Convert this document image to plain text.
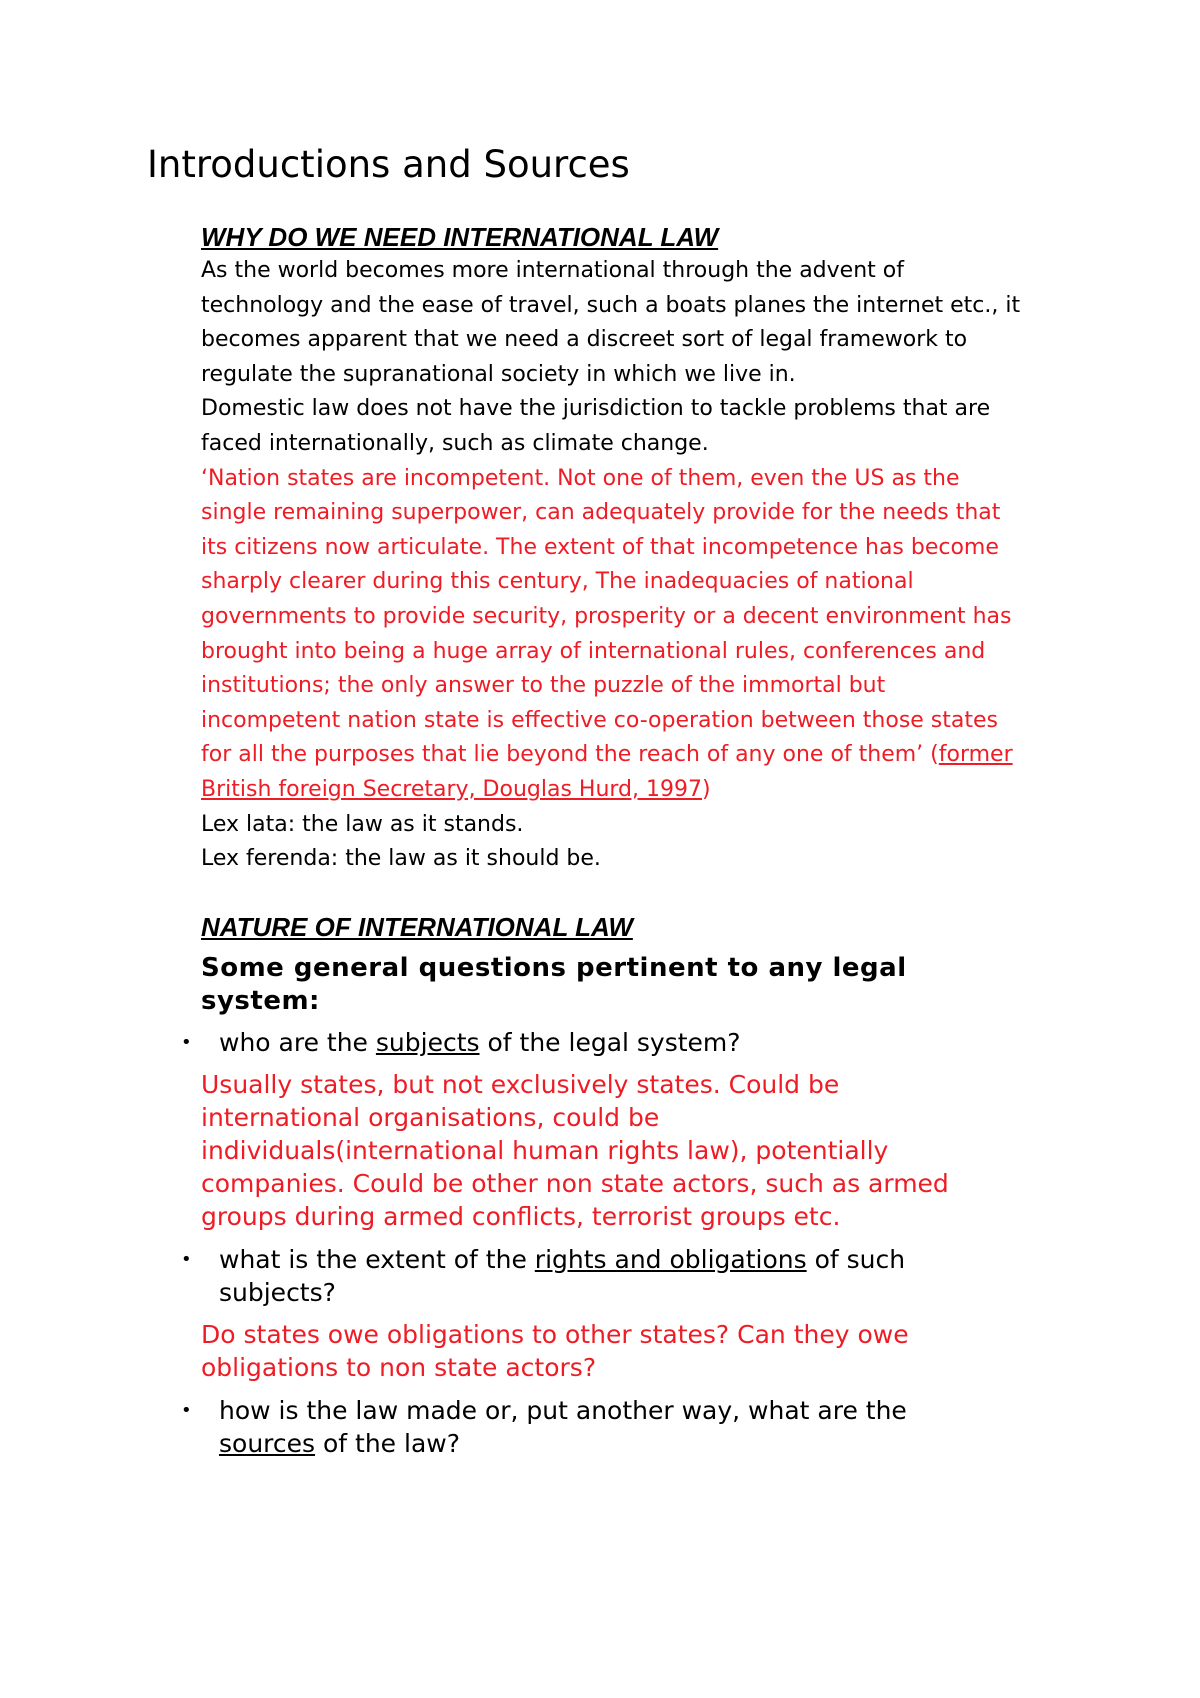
Introductions and Sources

WHY DO WE NEED INTERNATIONAL LAW

As the world becomes more international through the advent of

technology and the ease of travel, such a boats planes the internet etc., it

becomes apparent that we need a discreet sort of legal framework to

regulate the supranational society in which we live in.

Domestic law does not have the jurisdiction to tackle problems that are

faced internationally, such as climate change.

‘Nation states are incompetent. Not one of them, even the US as the

single remaining superpower, can adequately provide for the needs that

its citizens now articulate. The extent of that incompetence has become

sharply clearer during this century, The inadequacies of national

governments to provide security, prosperity or a decent environment has

brought into being a huge array of international rules, conferences and

institutions; the only answer to the puzzle of the immortal but

incompetent nation state is effective co-operation between those states

for all the purposes that lie beyond the reach of any one of them’ (former

British foreign Secretary, Douglas Hurd, 1997)

Lex lata: the law as it stands.

Lex ferenda: the law as it should be.

NATURE OF INTERNATIONAL LAW

Some general questions pertinent to any legal
system:

• who are the subjects of the legal system?
Usually states, but not exclusively states. Could be
international organisations, could be
individuals(international human rights law), potentially
companies. Could be other non state actors, such as armed
groups during armed conflicts, terrorist groups etc.
• what is the extent of the rights and obligations of such
subjects?
Do states owe obligations to other states? Can they owe
obligations to non state actors?
• how is the law made or, put another way, what are the
sources of the law?
